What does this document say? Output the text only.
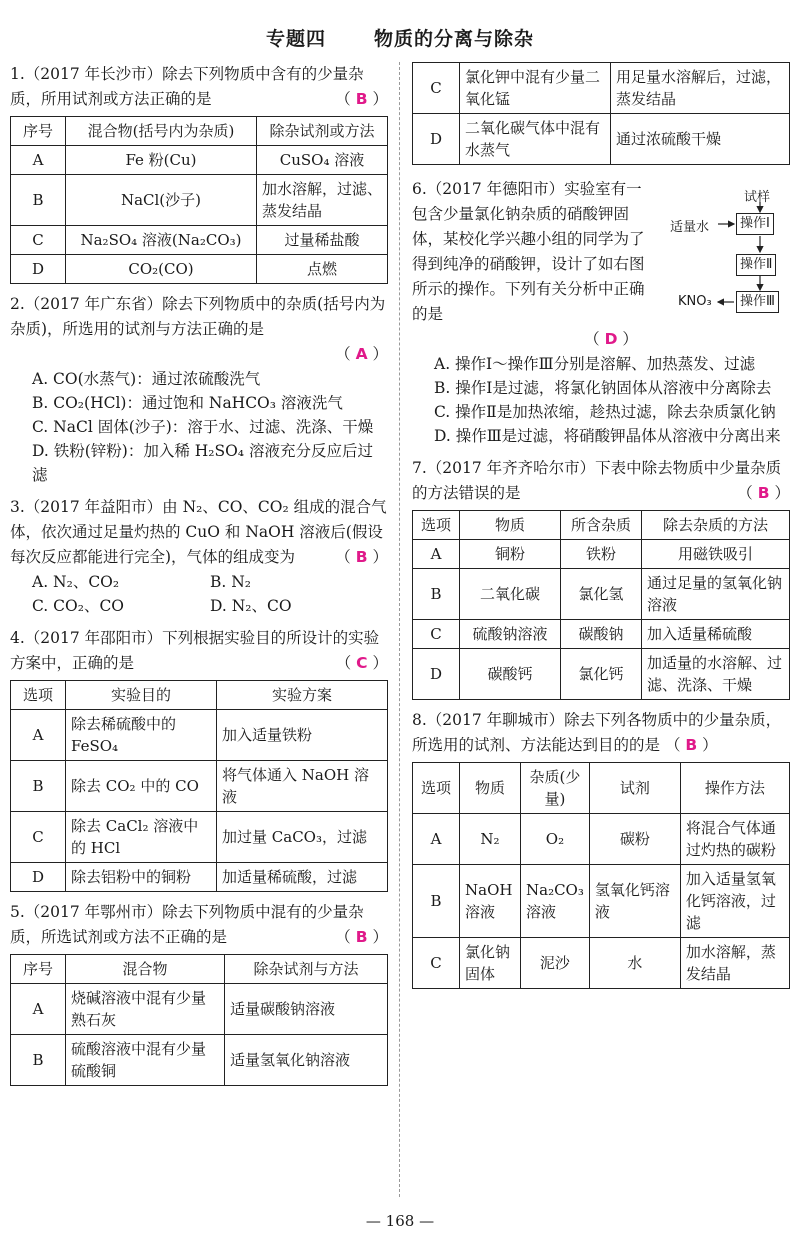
专题四	物质的分离与除杂
1.（2017 年长沙市）除去下列物质中含有的少量杂质，所用试剂或方法正确的是	（ B ）
序号	混合物(括号内为杂质)	除杂试剂或方法
A	Fe 粉(Cu)	CuSO₄ 溶液
B	NaCl(沙子)	加水溶解，过滤、蒸发结晶
C	Na₂SO₄ 溶液(Na₂CO₃)	过量稀盐酸
D	CO₂(CO)	点燃
2.（2017 年广东省）除去下列物质中的杂质(括号内为杂质)，所选用的试剂与方法正确的是
（ A ）
A. CO(水蒸气)：通过浓硫酸洗气
B. CO₂(HCl)：通过饱和 NaHCO₃ 溶液洗气
C. NaCl 固体(沙子)：溶于水、过滤、洗涤、干燥
D. 铁粉(锌粉)：加入稀 H₂SO₄ 溶液充分反应后过滤
3.（2017 年益阳市）由 N₂、CO、CO₂ 组成的混合气体，依次通过足量灼热的 CuO 和 NaOH 溶液后(假设每次反应都能进行完全)，气体的组成变为	（ B ）
A. N₂、CO₂	B. N₂
C. CO₂、CO	D. N₂、CO
4.（2017 年邵阳市）下列根据实验目的所设计的实验方案中，正确的是	（ C ）
选项	实验目的	实验方案
A	除去稀硫酸中的 FeSO₄	加入适量铁粉
B	除去 CO₂ 中的 CO	将气体通入 NaOH 溶液
C	除去 CaCl₂ 溶液中的 HCl	加过量 CaCO₃，过滤
D	除去铝粉中的铜粉	加适量稀硫酸，过滤
5.（2017 年鄂州市）除去下列物质中混有的少量杂质，所选试剂或方法不正确的是	（ B ）
序号	混合物	除杂试剂与方法
A	烧碱溶液中混有少量熟石灰	适量碳酸钠溶液
B	硫酸溶液中混有少量硫酸铜	适量氢氧化钠溶液
C	氯化钾中混有少量二氧化锰	用足量水溶解后，过滤，蒸发结晶
D	二氧化碳气体中混有水蒸气	通过浓硫酸干燥
6.（2017 年德阳市）实验室有一包含少量氯化钠杂质的硝酸钾固体，某校化学兴趣小组的同学为了得到纯净的硝酸钾，设计了如右图所示的操作。下列有关分析中正确的是
（ D ）
A. 操作Ⅰ～操作Ⅲ分别是溶解、加热蒸发、过滤
B. 操作Ⅰ是过滤，将氯化钠固体从溶液中分离除去
C. 操作Ⅱ是加热浓缩，趁热过滤，除去杂质氯化钠
D. 操作Ⅲ是过滤，将硝酸钾晶体从溶液中分离出来
7.（2017 年齐齐哈尔市）下表中除去物质中少量杂质的方法错误的是	（ B ）
选项	物质	所含杂质	除去杂质的方法
A	铜粉	铁粉	用磁铁吸引
B	二氧化碳	氯化氢	通过足量的氢氧化钠溶液
C	硫酸钠溶液	碳酸钠	加入适量稀硫酸
D	碳酸钙	氯化钙	加适量的水溶解、过滤、洗涤、干燥
8.（2017 年聊城市）除去下列各物质中的少量杂质，所选用的试剂、方法能达到目的的是 （ B ）
选项	物质	杂质(少量)	试剂	操作方法
A	N₂	O₂	碳粉	将混合气体通过灼热的碳粉
B	NaOH 溶液	Na₂CO₃ 溶液	氢氧化钙溶液	加入适量氢氧化钙溶液，过滤
C	氯化钠固体	泥沙	水	加水溶解，蒸发结晶
试样
适量水	操作Ⅰ
操作Ⅱ
操作Ⅲ
KNO₃
— 168 —
